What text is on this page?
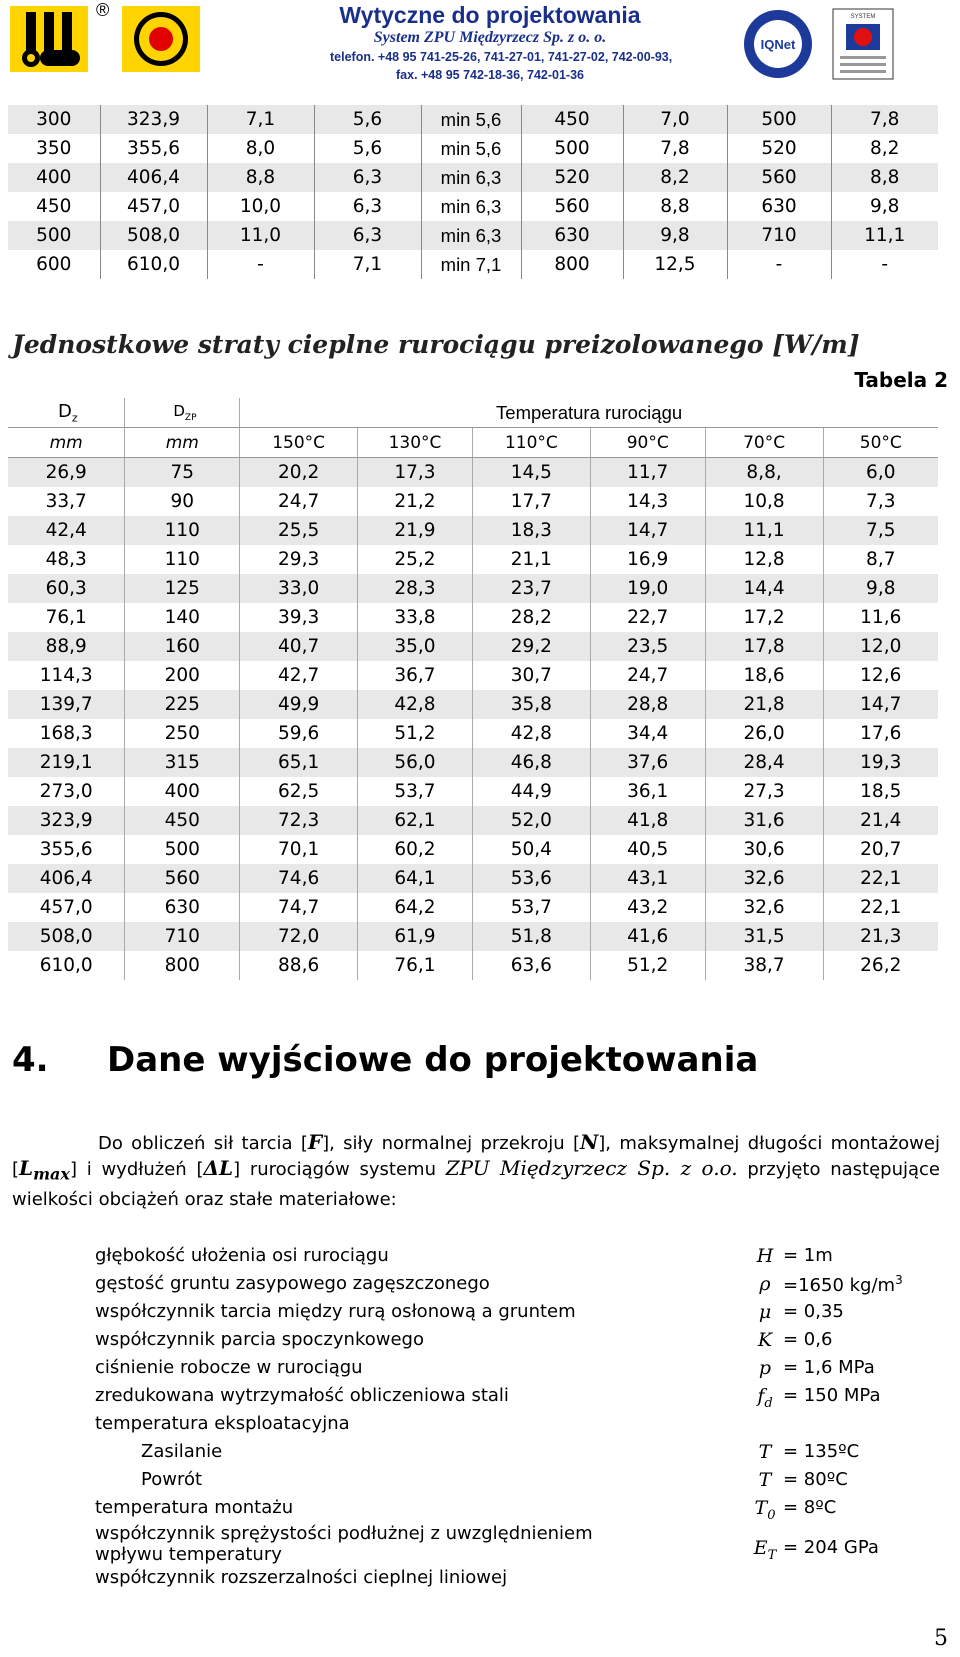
®	Wytyczne do projektowania
System ZPU Międzyrzecz Sp. z o. o.
telefon. +48 95 741-25-26, 741-27-01, 741-27-02, 742-00-93,
fax. +48 95 742-18-36, 742-01-36
IQNet
SYSTEM
300	323,9	7,1	5,6	min 5,6	450	7,0	500	7,8
350	355,6	8,0	5,6	min 5,6	500	7,8	520	8,2
400	406,4	8,8	6,3	min 6,3	520	8,2	560	8,8
450	457,0	10,0	6,3	min 6,3	560	8,8	630	9,8
500	508,0	11,0	6,3	min 6,3	630	9,8	710	11,1
600	610,0	-	7,1	min 7,1	800	12,5	-	-
Jednostkowe straty cieplne rurociągu preizolowanego [W/m]
Tabela 2
$D_z$	$D_{ZP}$	Temperatura rurociągu					
mm	mm	150°C	130°C	110°C	90°C	70°C	50°C
26,9	75	20,2	17,3	14,5	11,7	8,8,	6,0
33,7	90	24,7	21,2	17,7	14,3	10,8	7,3
42,4	110	25,5	21,9	18,3	14,7	11,1	7,5
48,3	110	29,3	25,2	21,1	16,9	12,8	8,7
60,3	125	33,0	28,3	23,7	19,0	14,4	9,8
76,1	140	39,3	33,8	28,2	22,7	17,2	11,6
88,9	160	40,7	35,0	29,2	23,5	17,8	12,0
114,3	200	42,7	36,7	30,7	24,7	18,6	12,6
139,7	225	49,9	42,8	35,8	28,8	21,8	14,7
168,3	250	59,6	51,2	42,8	34,4	26,0	17,6
219,1	315	65,1	56,0	46,8	37,6	28,4	19,3
273,0	400	62,5	53,7	44,9	36,1	27,3	18,5
323,9	450	72,3	62,1	52,0	41,8	31,6	21,4
355,6	500	70,1	60,2	50,4	40,5	30,6	20,7
406,4	560	74,6	64,1	53,6	43,1	32,6	22,1
457,0	630	74,7	64,2	53,7	43,2	32,6	22,1
508,0	710	72,0	61,9	51,8	41,6	31,5	21,3
610,0	800	88,6	76,1	63,6	51,2	38,7	26,2
4. Dane wyjściowe do projektowania
Do obliczeń sił tarcia [F], siły normalnej przekroju [N], maksymalnej długości montażowej $[L_{max}]$ i wydłużeń [ΔL] rurociągów systemu ZPU Międzyrzecz Sp. z o.o. przyjęto następujące wielkości obciążeń oraz stałe materiałowe:
głębokość ułożenia osi rurociągu	H = 1m
gęstość gruntu zasypowego zagęszczonego	ρ =1650 $kg/m^3$
współczynnik tarcia między rurą osłonową a gruntem	μ = 0,35
współczynnik parcia spoczynkowego	K = 0,6
ciśnienie robocze w rurociągu	p = 1,6 MPa
zredukowana wytrzymałość obliczeniowa stali	$f_d = 150$ MPa
temperatura eksploatacyjna
Zasilanie	T = 135ºC
Powrót	T = 80ºC
temperatura montażu	$T_0$ = 8ºC
współczynnik sprężystości podłużnej z uwzględnieniem
wpływu temperatury	$E_T = 204$ GPa
współczynnik rozszerzalności cieplnej liniowej
5
